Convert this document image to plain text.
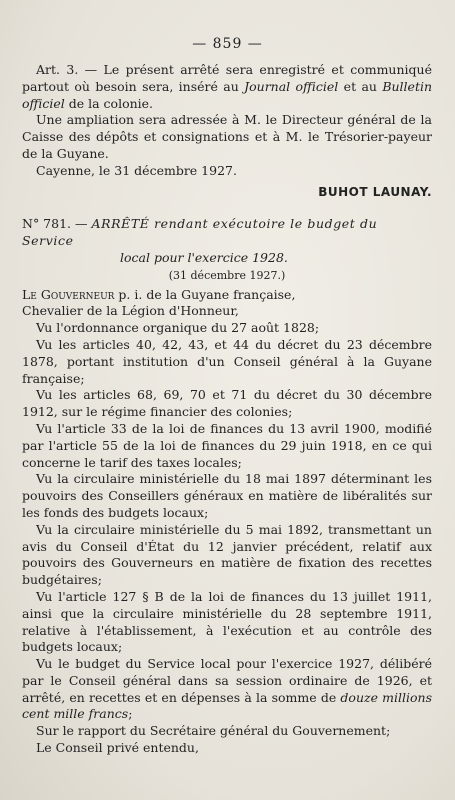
— 859 —

Art. 3. — Le présent arrêté sera enregistré et communiqué partout où besoin sera, inséré au Journal officiel et au Bulletin officiel de la colonie.

Une ampliation sera adressée à M. le Directeur général de la Caisse des dépôts et consignations et à M. le Trésorier-payeur de la Guyane.

Cayenne, le 31 décembre 1927.

BUHOT LAUNAY.

N° 781. — ARRÊTÉ rendant exécutoire le budget du Service

local pour l'exercice 1928.

(31 décembre 1927.)

Le Gouverneur p. i. de la Guyane française,

Chevalier de la Légion d'Honneur,

Vu l'ordonnance organique du 27 août 1828;

Vu les articles 40, 42, 43, et 44 du décret du 23 décembre 1878, portant institution d'un Conseil général à la Guyane française;

Vu les articles 68, 69, 70 et 71 du décret du 30 décembre 1912, sur le régime financier des colonies;

Vu l'article 33 de la loi de finances du 13 avril 1900, modifié par l'article 55 de la loi de finances du 29 juin 1918, en ce qui concerne le tarif des taxes locales;

Vu la circulaire ministérielle du 18 mai 1897 déterminant les pouvoirs des Conseillers généraux en matière de libéralités sur les fonds des budgets locaux;

Vu la circulaire ministérielle du 5 mai 1892, transmettant un avis du Conseil d'État du 12 janvier précédent, relatif aux pouvoirs des Gouverneurs en matière de fixation des recettes budgétaires;

Vu l'article 127 § B de la loi de finances du 13 juillet 1911, ainsi que la circulaire ministérielle du 28 septembre 1911, relative à l'établissement, à l'exécution et au contrôle des budgets locaux;

Vu le budget du Service local pour l'exercice 1927, délibéré par le Conseil général dans sa session ordinaire de 1926, et arrêté, en recettes et en dépenses à la somme de douze millions cent mille francs;

Sur le rapport du Secrétaire général du Gouvernement;

Le Conseil privé entendu,
